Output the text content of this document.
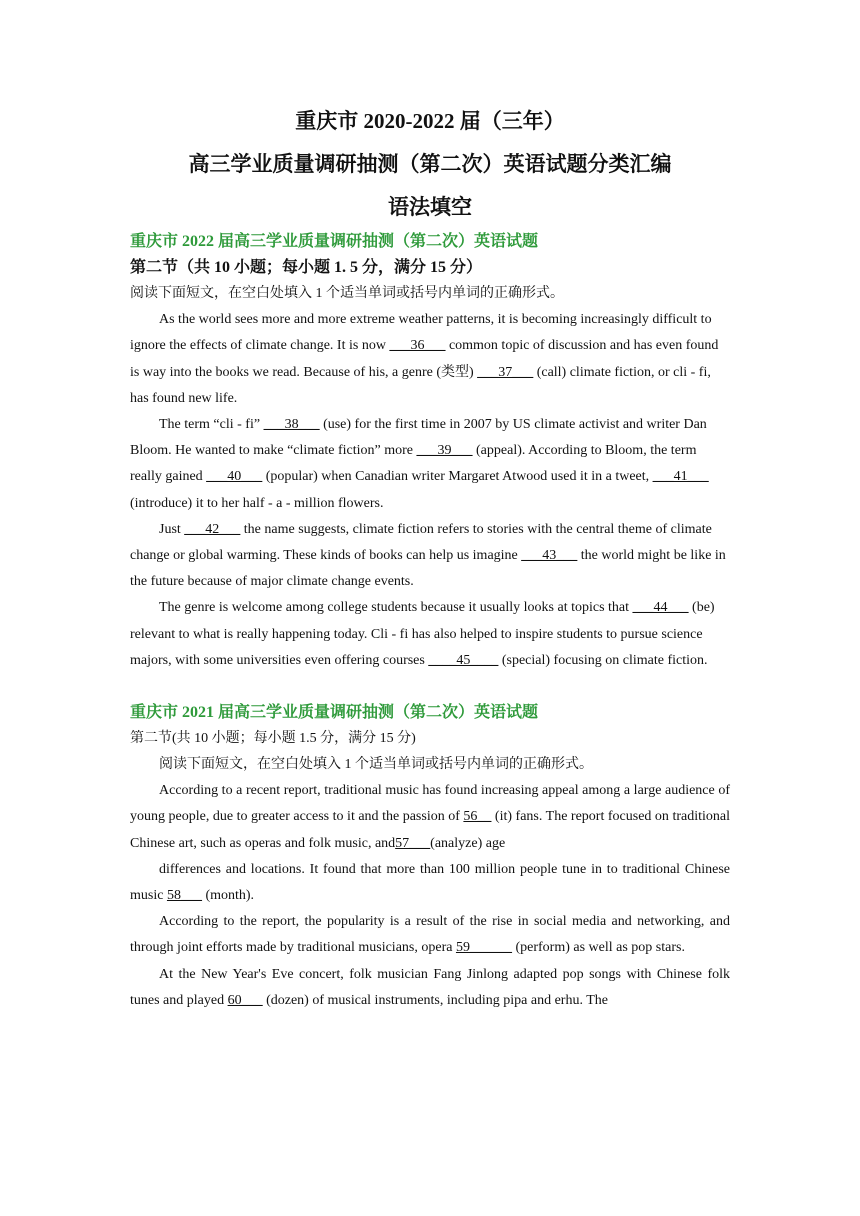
重庆市 2020-2022 届（三年）
高三学业质量调研抽测（第二次）英语试题分类汇编
语法填空
重庆市 2022 届高三学业质量调研抽测（第二次）英语试题
第二节（共 10 小题；每小题 1. 5 分，满分 15 分）

阅读下面短文，在空白处填入 1 个适当单词或括号内单词的正确形式。

As the world sees more and more extreme weather patterns, it is becoming increasingly difficult to ignore the effects of climate change. It is now ___36___ common topic of discussion and has even found is way into the books we read. Because of his, a genre (类型) ___37___ (call) climate fiction, or cli - fi, has found new life.

The term “cli - fi” ___38___ (use) for the first time in 2007 by US climate activist and writer Dan Bloom. He wanted to make “climate fiction” more ___39___ (appeal). According to Bloom, the term really gained ___40___ (popular) when Canadian writer Margaret Atwood used it in a tweet, ___41___ (introduce) it to her half - a - million flowers.

Just ___42___ the name suggests, climate fiction refers to stories with the central theme of climate change or global warming. These kinds of books can help us imagine ___43___ the world might be like in the future because of major climate change events.

The genre is welcome among college students because it usually looks at topics that ___44___ (be) relevant to what is really happening today. Cli - fi has also helped to inspire students to pursue science majors, with some universities even offering courses ____45____ (special) focusing on climate fiction.

重庆市 2021 届高三学业质量调研抽测（第二次）英语试题
第二节(共 10 小题；每小题 1.5 分，满分 15 分)

阅读下面短文，在空白处填入 1 个适当单词或括号内单词的正确形式。

According to a recent report, traditional music has found increasing appeal among a large audience of young people, due to greater access to it and the passion of 56__ (it) fans. The report focused on traditional Chinese art, such as operas and folk music, and57___(analyze) age

differences and locations. It found that more than 100 million people tune in to traditional Chinese music 58___ (month).

According to the report, the popularity is a result of the rise in social media and networking, and through joint efforts made by traditional musicians, opera 59______ (perform) as well as pop stars.

At the New Year's Eve concert, folk musician Fang Jinlong adapted pop songs with Chinese folk tunes and played 60___ (dozen) of musical instruments, including pipa and erhu. The
